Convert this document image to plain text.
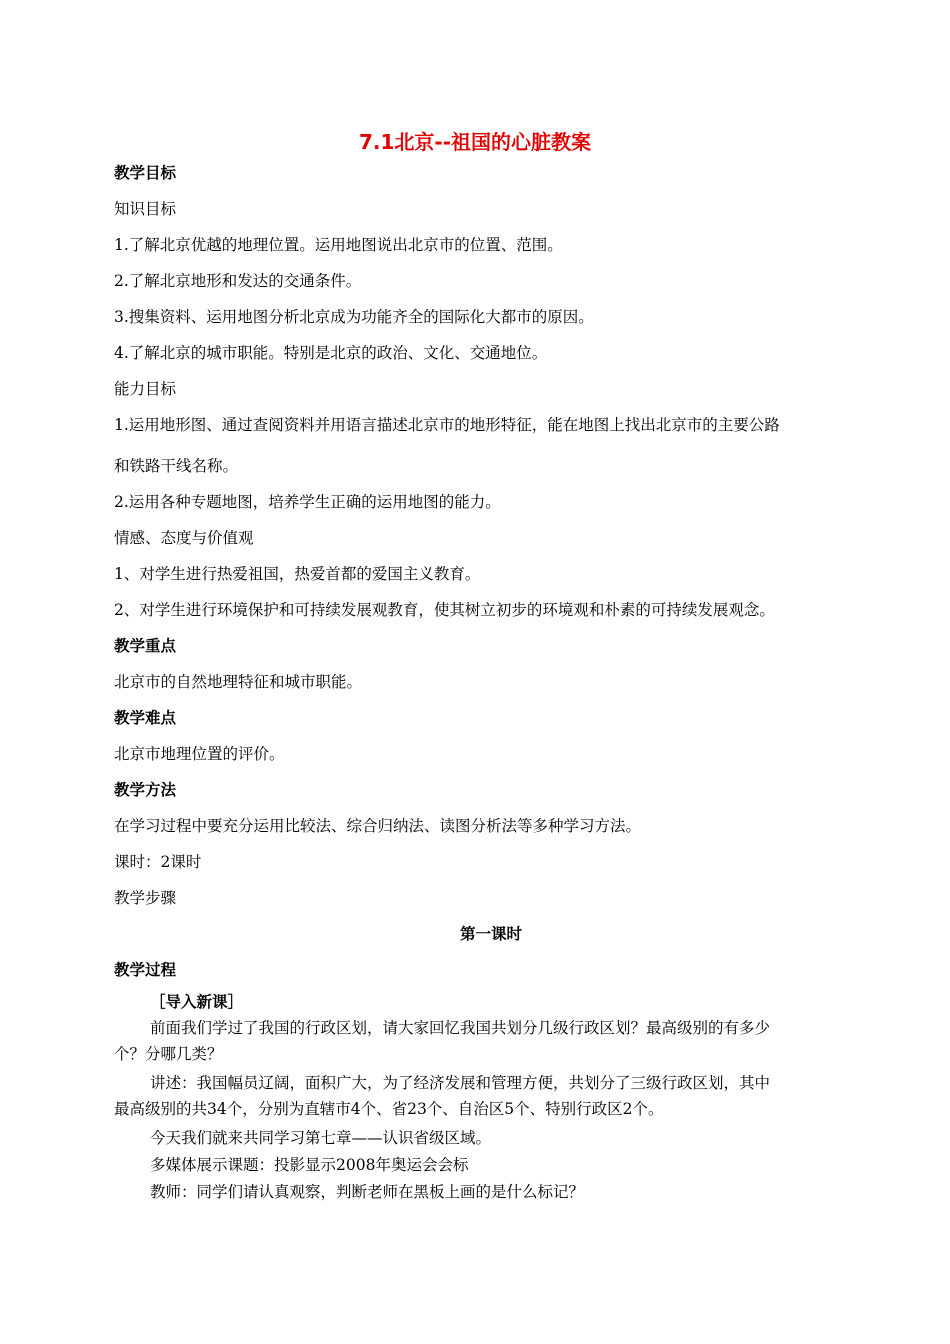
7.1北京--祖国的心脏教案
教学目标
知识目标
1.了解北京优越的地理位置。运用地图说出北京市的位置、范围。
2.了解北京地形和发达的交通条件。
3.搜集资料、运用地图分析北京成为功能齐全的国际化大都市的原因。
4.了解北京的城市职能。特别是北京的政治、文化、交通地位。
能力目标
1.运用地形图、通过查阅资料并用语言描述北京市的地形特征，能在地图上找出北京市的主要公路
和铁路干线名称。
2.运用各种专题地图，培养学生正确的运用地图的能力。
情感、态度与价值观
1、对学生进行热爱祖国，热爱首都的爱国主义教育。
2、对学生进行环境保护和可持续发展观教育，使其树立初步的环境观和朴素的可持续发展观念。
教学重点
北京市的自然地理特征和城市职能。
教学难点
北京市地理位置的评价。
教学方法
在学习过程中要充分运用比较法、综合归纳法、读图分析法等多种学习方法。
课时：2课时
教学步骤
第一课时
教学过程
［导入新课］
前面我们学过了我国的行政区划，请大家回忆我国共划分几级行政区划？最高级别的有多少
个？分哪几类？
讲述：我国幅员辽阔，面积广大，为了经济发展和管理方便，共划分了三级行政区划，其中
最高级别的共34个，分别为直辖市4个、省23个、自治区5个、特别行政区2个。
今天我们就来共同学习第七章——认识省级区域。
多媒体展示课题：投影显示2008年奥运会会标
教师：同学们请认真观察，判断老师在黑板上画的是什么标记？
